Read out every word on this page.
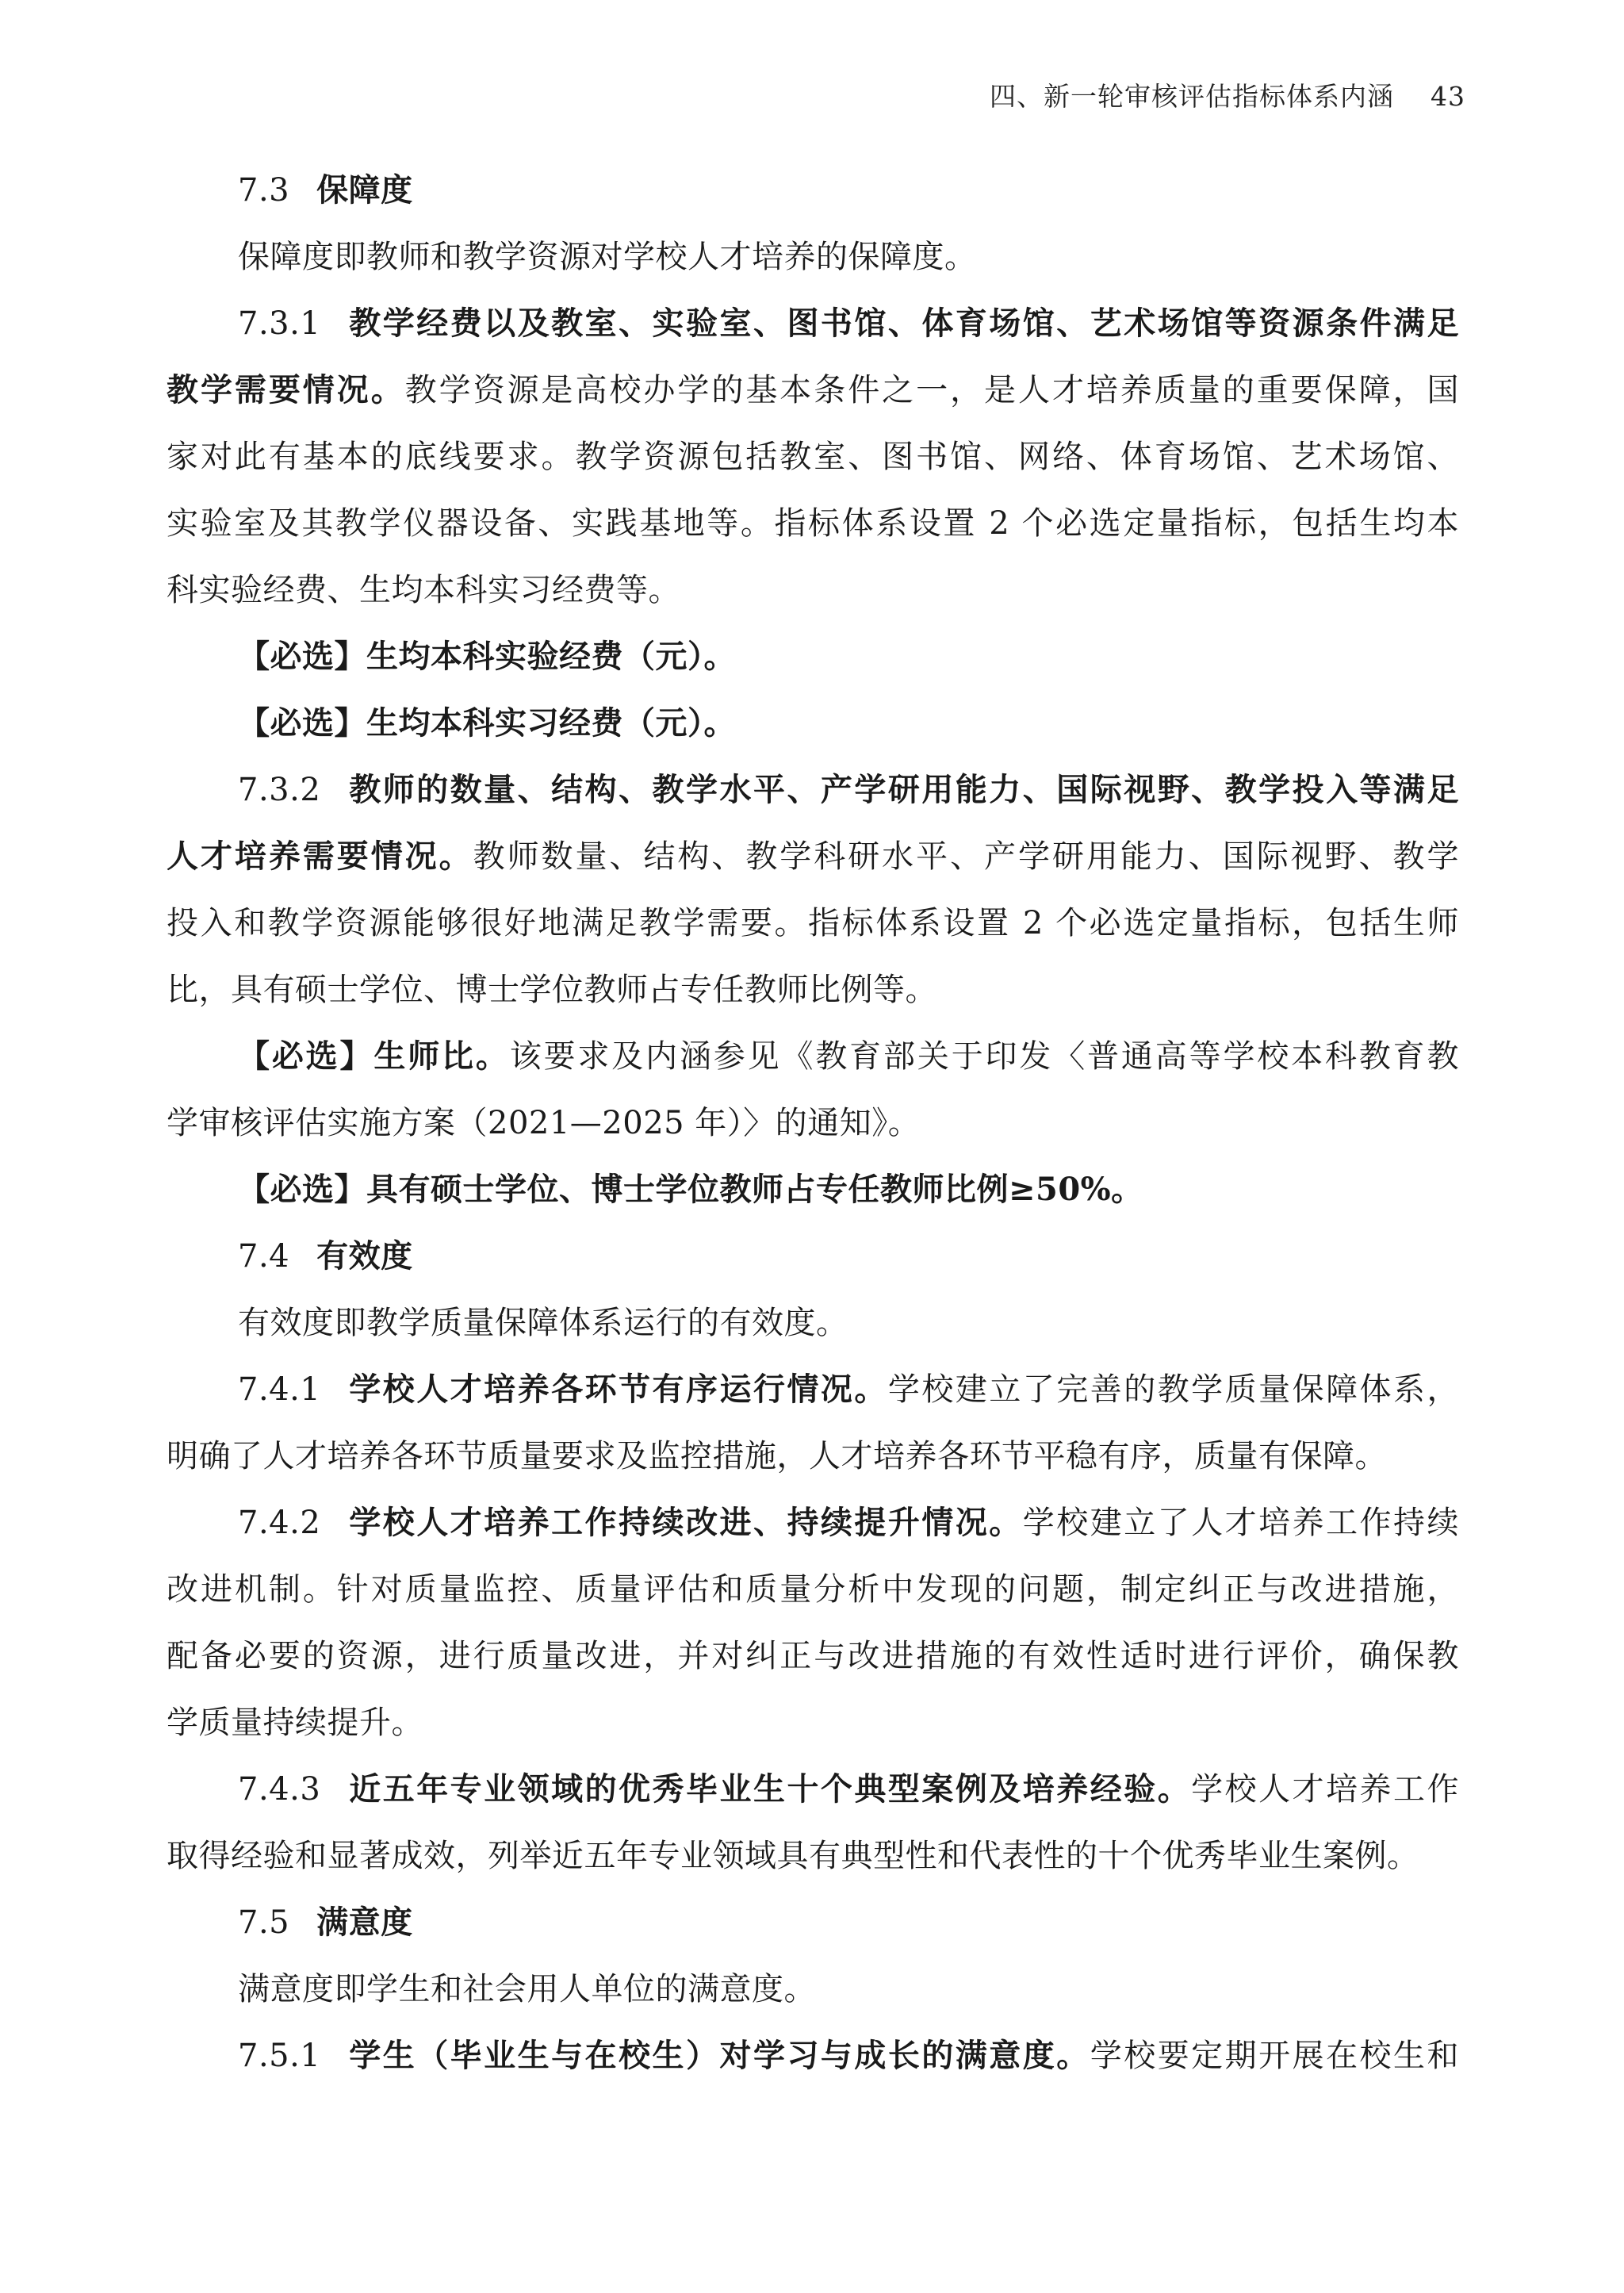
四、新一轮审核评估指标体系内涵 43
7.3 保障度
保障度即教师和教学资源对学校人才培养的保障度。
7.3.1 教学经费以及教室、实验室、图书馆、体育场馆、艺术场馆等资源条件满足
教学需要情况。教学资源是高校办学的基本条件之一，是人才培养质量的重要保障，国
家对此有基本的底线要求。教学资源包括教室、图书馆、网络、体育场馆、艺术场馆、
实验室及其教学仪器设备、实践基地等。指标体系设置 2 个必选定量指标，包括生均本
科实验经费、生均本科实习经费等。
【必选】生均本科实验经费（元）。
【必选】生均本科实习经费（元）。
7.3.2 教师的数量、结构、教学水平、产学研用能力、国际视野、教学投入等满足
人才培养需要情况。教师数量、结构、教学科研水平、产学研用能力、国际视野、教学
投入和教学资源能够很好地满足教学需要。指标体系设置 2 个必选定量指标，包括生师
比，具有硕士学位、博士学位教师占专任教师比例等。
【必选】生师比。该要求及内涵参见《教育部关于印发〈普通高等学校本科教育教
学审核评估实施方案（2021—2025 年）〉的通知》。
【必选】具有硕士学位、博士学位教师占专任教师比例≥50%。
7.4 有效度
有效度即教学质量保障体系运行的有效度。
7.4.1 学校人才培养各环节有序运行情况。学校建立了完善的教学质量保障体系，
明确了人才培养各环节质量要求及监控措施，人才培养各环节平稳有序，质量有保障。
7.4.2 学校人才培养工作持续改进、持续提升情况。学校建立了人才培养工作持续
改进机制。针对质量监控、质量评估和质量分析中发现的问题，制定纠正与改进措施，
配备必要的资源，进行质量改进，并对纠正与改进措施的有效性适时进行评价，确保教
学质量持续提升。
7.4.3 近五年专业领域的优秀毕业生十个典型案例及培养经验。学校人才培养工作
取得经验和显著成效，列举近五年专业领域具有典型性和代表性的十个优秀毕业生案例。
7.5 满意度
满意度即学生和社会用人单位的满意度。
7.5.1 学生（毕业生与在校生）对学习与成长的满意度。学校要定期开展在校生和
